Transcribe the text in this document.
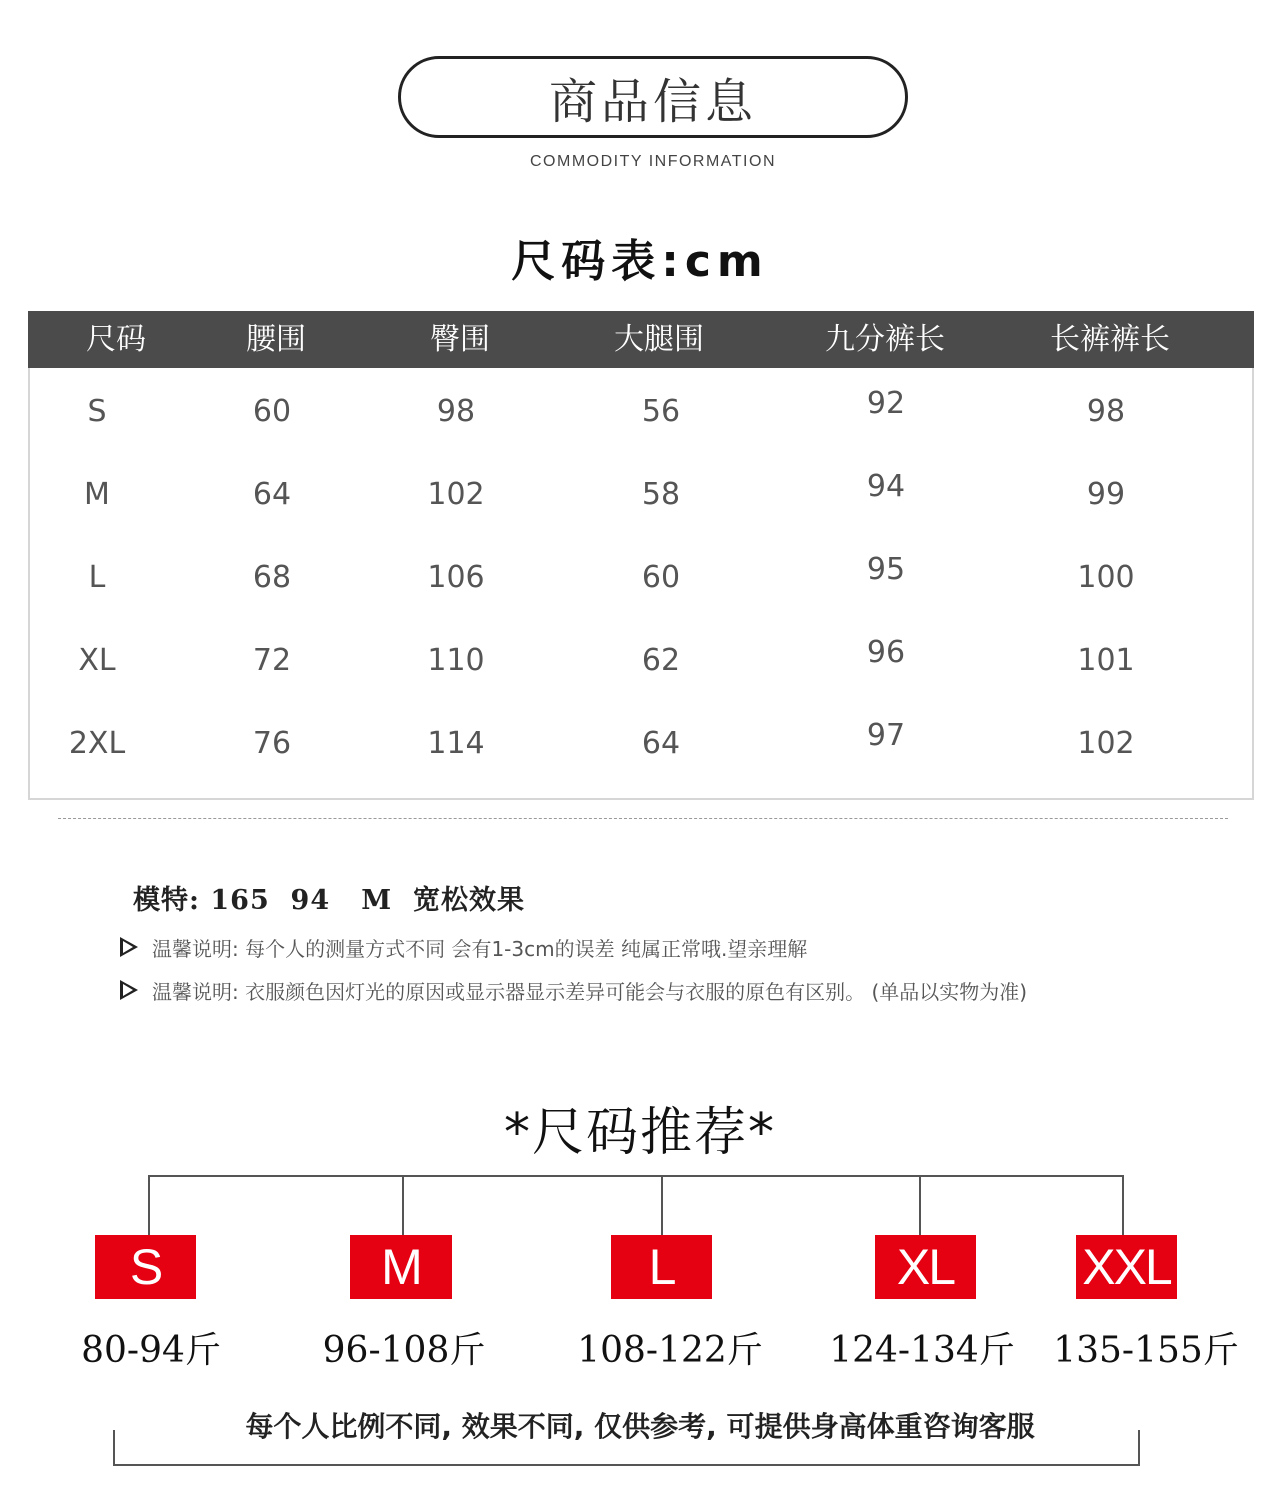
商品信息
COMMODITY INFORMATION
尺码表:cm
尺码	腰围	臀围	大腿围	九分裤长	长裤裤长
S	60	98	56	92	98
M	64	102	58	94	99
L	68	106	60	95	100
XL	72	110	62	96	101
2XL	76	114	64	97	102
模特: 165  94   M  宽松效果
温馨说明: 每个人的测量方式不同 会有1-3cm的误差 纯属正常哦.望亲理解
温馨说明: 衣服颜色因灯光的原因或显示器显示差异可能会与衣服的原色有区别。 (单品以实物为准)
*尺码推荐*
S	M	L	XL	XXL
80-94斤	96-108斤	108-122斤	124-134斤	135-155斤
每个人比例不同, 效果不同, 仅供参考, 可提供身高体重咨询客服
